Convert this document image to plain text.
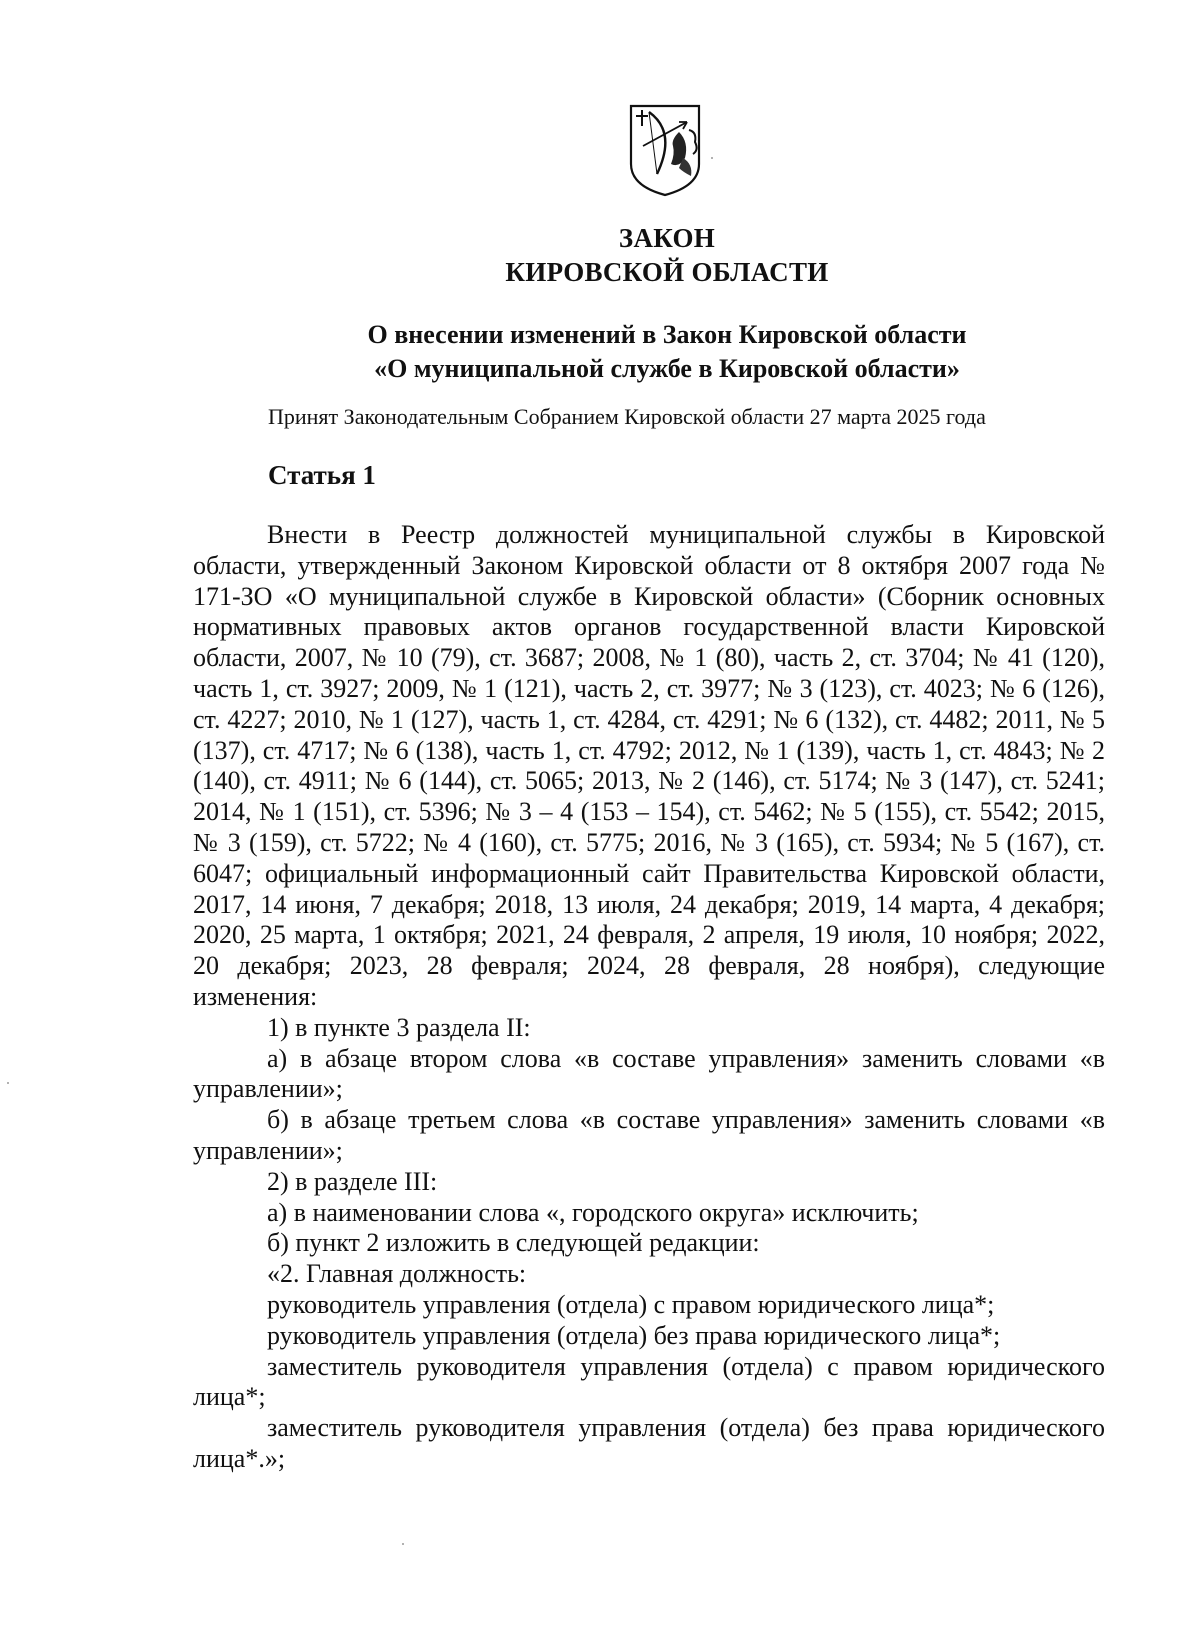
ЗАКОН
КИРОВСКОЙ ОБЛАСТИ
О внесении изменений в Закон Кировской области
«О муниципальной службе в Кировской области»

Принят Законодательным Собранием Кировской области 27 марта 2025 года

Статья 1

Внести в Реестр должностей муниципальной службы в Кировской области, утвержденный Законом Кировской области от 8 октября 2007 года № 171-ЗО «О муниципальной службе в Кировской области» (Сборник основных нормативных правовых актов органов государственной власти Кировской области, 2007, № 10 (79), ст. 3687; 2008, № 1 (80), часть 2, ст. 3704; № 41 (120), часть 1, ст. 3927; 2009, № 1 (121), часть 2, ст. 3977; № 3 (123), ст. 4023; № 6 (126), ст. 4227; 2010, № 1 (127), часть 1, ст. 4284, ст. 4291; № 6 (132), ст. 4482; 2011, № 5 (137), ст. 4717; № 6 (138), часть 1, ст. 4792; 2012, № 1 (139), часть 1, ст. 4843; № 2 (140), ст. 4911; № 6 (144), ст. 5065; 2013, № 2 (146), ст. 5174; № 3 (147), ст. 5241; 2014, № 1 (151), ст. 5396; № 3 – 4 (153 – 154), ст. 5462; № 5 (155), ст. 5542; 2015, № 3 (159), ст. 5722; № 4 (160), ст. 5775; 2016, № 3 (165), ст. 5934; № 5 (167), ст. 6047; официальный информационный сайт Правительства Кировской области, 2017, 14 июня, 7 декабря; 2018, 13 июля, 24 декабря; 2019, 14 марта, 4 декабря; 2020, 25 марта, 1 октября; 2021, 24 февраля, 2 апреля, 19 июля, 10 ноября; 2022, 20 декабря; 2023, 28 февраля; 2024, 28 февраля, 28 ноября), следующие изменения:

1) в пункте 3 раздела II:

а) в абзаце втором слова «в составе управления» заменить словами «в управлении»;

б) в абзаце третьем слова «в составе управления» заменить словами «в управлении»;

2) в разделе III:

а) в наименовании слова «, городского округа» исключить;

б) пункт 2 изложить в следующей редакции:

«2. Главная должность:

руководитель управления (отдела) с правом юридического лица*;

руководитель управления (отдела) без права юридического лица*;

заместитель руководителя управления (отдела) с правом юридического лица*;

заместитель руководителя управления (отдела) без права юридического лица*.»;
